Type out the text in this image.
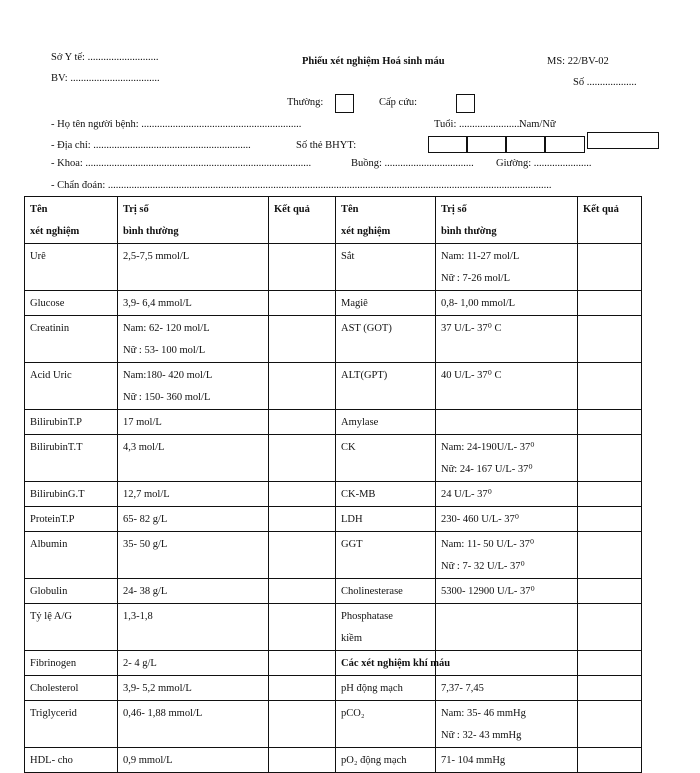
Sở Y tế: ...........................
BV: ..................................
Phiếu xét nghiệm Hoá sinh máu	MS: 22/BV-02
Số ...................
Thường:	Cấp cứu:
- Họ tên người bệnh: .............................................................	Tuổi: ........................
Nam/Nữ
- Địa chỉ: ............................................................	Số thẻ BHYT:
- Khoa: ......................................................................................	Buồng: .................................. Giường: ......................
- Chẩn đoán: .........................................................................................................................................................................
Tên
xét nghiệm	Trị số
bình thường	Kết quả	Tên
xét nghiệm	Trị số
bình thường	Kết quả

Urê	2,5-7,5 mmol/L		Sắt	Nam: 11-27 mol/L
Nữ : 7-26 mol/L	

Glucose	3,9- 6,4 mmol/L		Magiê	0,8- 1,00 mmol/L	

Creatinin	Nam: 62- 120 mol/L
Nữ : 53- 100 mol/L		AST (GOT)	37 U/L- 37⁰ C	

Acid Uric	Nam:180- 420 mol/L
Nữ : 150- 360 mol/L		ALT(GPT)	40 U/L- 37⁰ C	

BilirubinT.P	17 mol/L		Amylase		

BilirubinT.T	4,3 mol/L		CK	Nam: 24-190U/L- 37⁰
Nữ: 24- 167 U/L- 37⁰	

BilirubinG.T	12,7 mol/L		CK-MB	24 U/L- 37⁰	

ProteinT.P	65- 82 g/L		LDH	230- 460 U/L- 37⁰	

Albumin	35- 50 g/L		GGT	Nam: 11- 50 U/L- 37⁰
Nữ : 7- 32 U/L- 37⁰	

Globulin	24- 38 g/L		Cholinesterase	5300- 12900 U/L- 37⁰	

Tỷ lệ A/G	1,3-1,8		Phosphatase
kiềm		

Fibrinogen	2- 4 g/L		Các xét nghiệm khí máu		

Cholesterol	3,9- 5,2 mmol/L		pH động mạch	7,37- 7,45	

Triglycerid	0,46- 1,88 mmol/L		pCO₂	Nam: 35- 46 mmHg
Nữ : 32- 43 mmHg	

HDL- cho	0,9 mmol/L		pO₂ động mạch	71- 104 mmHg	
